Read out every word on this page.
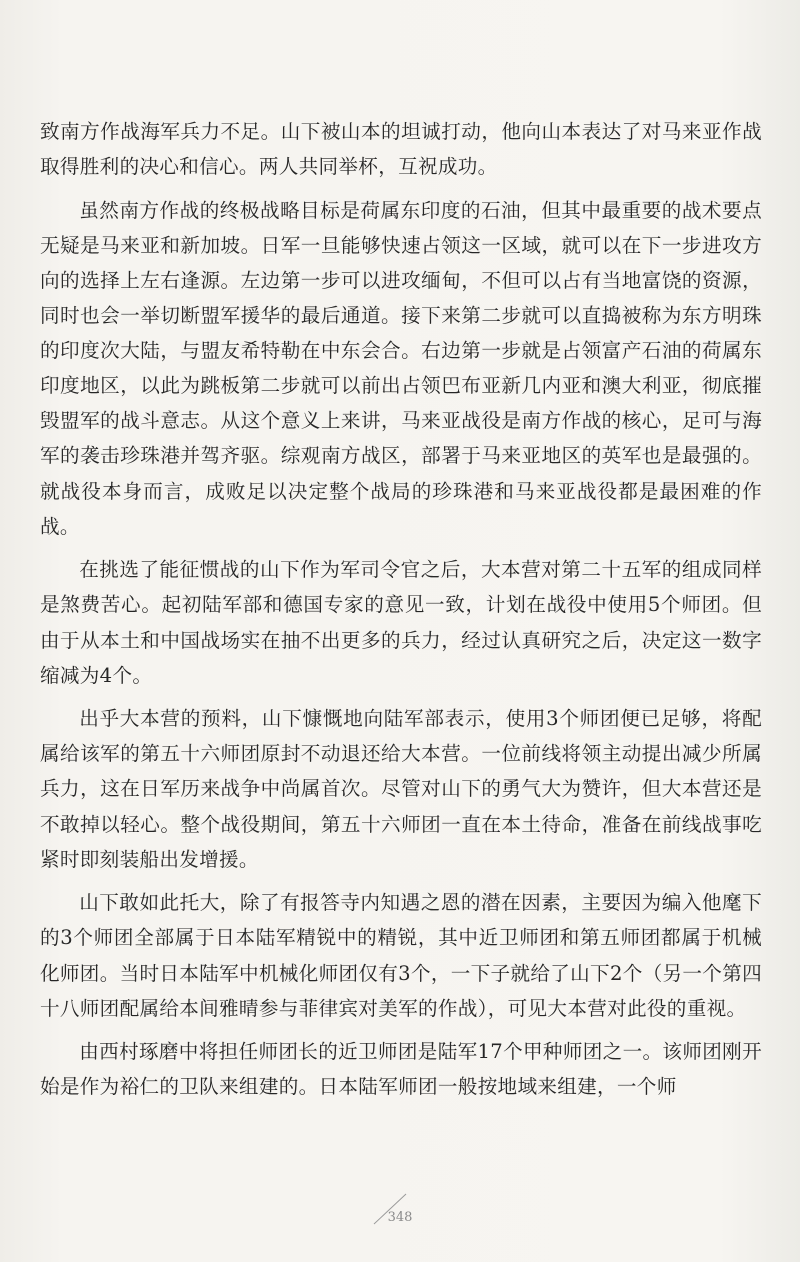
致南方作战海军兵力不足。山下被山本的坦诚打动，他向山本表达了对马来亚作战取得胜利的决心和信心。两人共同举杯，互祝成功。

虽然南方作战的终极战略目标是荷属东印度的石油，但其中最重要的战术要点无疑是马来亚和新加坡。日军一旦能够快速占领这一区域，就可以在下一步进攻方向的选择上左右逢源。左边第一步可以进攻缅甸，不但可以占有当地富饶的资源，同时也会一举切断盟军援华的最后通道。接下来第二步就可以直捣被称为东方明珠的印度次大陆，与盟友希特勒在中东会合。右边第一步就是占领富产石油的荷属东印度地区，以此为跳板第二步就可以前出占领巴布亚新几内亚和澳大利亚，彻底摧毁盟军的战斗意志。从这个意义上来讲，马来亚战役是南方作战的核心，足可与海军的袭击珍珠港并驾齐驱。综观南方战区，部署于马来亚地区的英军也是最强的。就战役本身而言，成败足以决定整个战局的珍珠港和马来亚战役都是最困难的作战。

在挑选了能征惯战的山下作为军司令官之后，大本营对第二十五军的组成同样是煞费苦心。起初陆军部和德国专家的意见一致，计划在战役中使用5个师团。但由于从本土和中国战场实在抽不出更多的兵力，经过认真研究之后，决定这一数字缩减为4个。

出乎大本营的预料，山下慷慨地向陆军部表示，使用3个师团便已足够，将配属给该军的第五十六师团原封不动退还给大本营。一位前线将领主动提出减少所属兵力，这在日军历来战争中尚属首次。尽管对山下的勇气大为赞许，但大本营还是不敢掉以轻心。整个战役期间，第五十六师团一直在本土待命，准备在前线战事吃紧时即刻装船出发增援。

山下敢如此托大，除了有报答寺内知遇之恩的潜在因素，主要因为编入他麾下的3个师团全部属于日本陆军精锐中的精锐，其中近卫师团和第五师团都属于机械化师团。当时日本陆军中机械化师团仅有3个，一下子就给了山下2个（另一个第四十八师团配属给本间雅晴参与菲律宾对美军的作战），可见大本营对此役的重视。

由西村琢磨中将担任师团长的近卫师团是陆军17个甲种师团之一。该师团刚开始是作为裕仁的卫队来组建的。日本陆军师团一般按地域来组建，一个师

348
